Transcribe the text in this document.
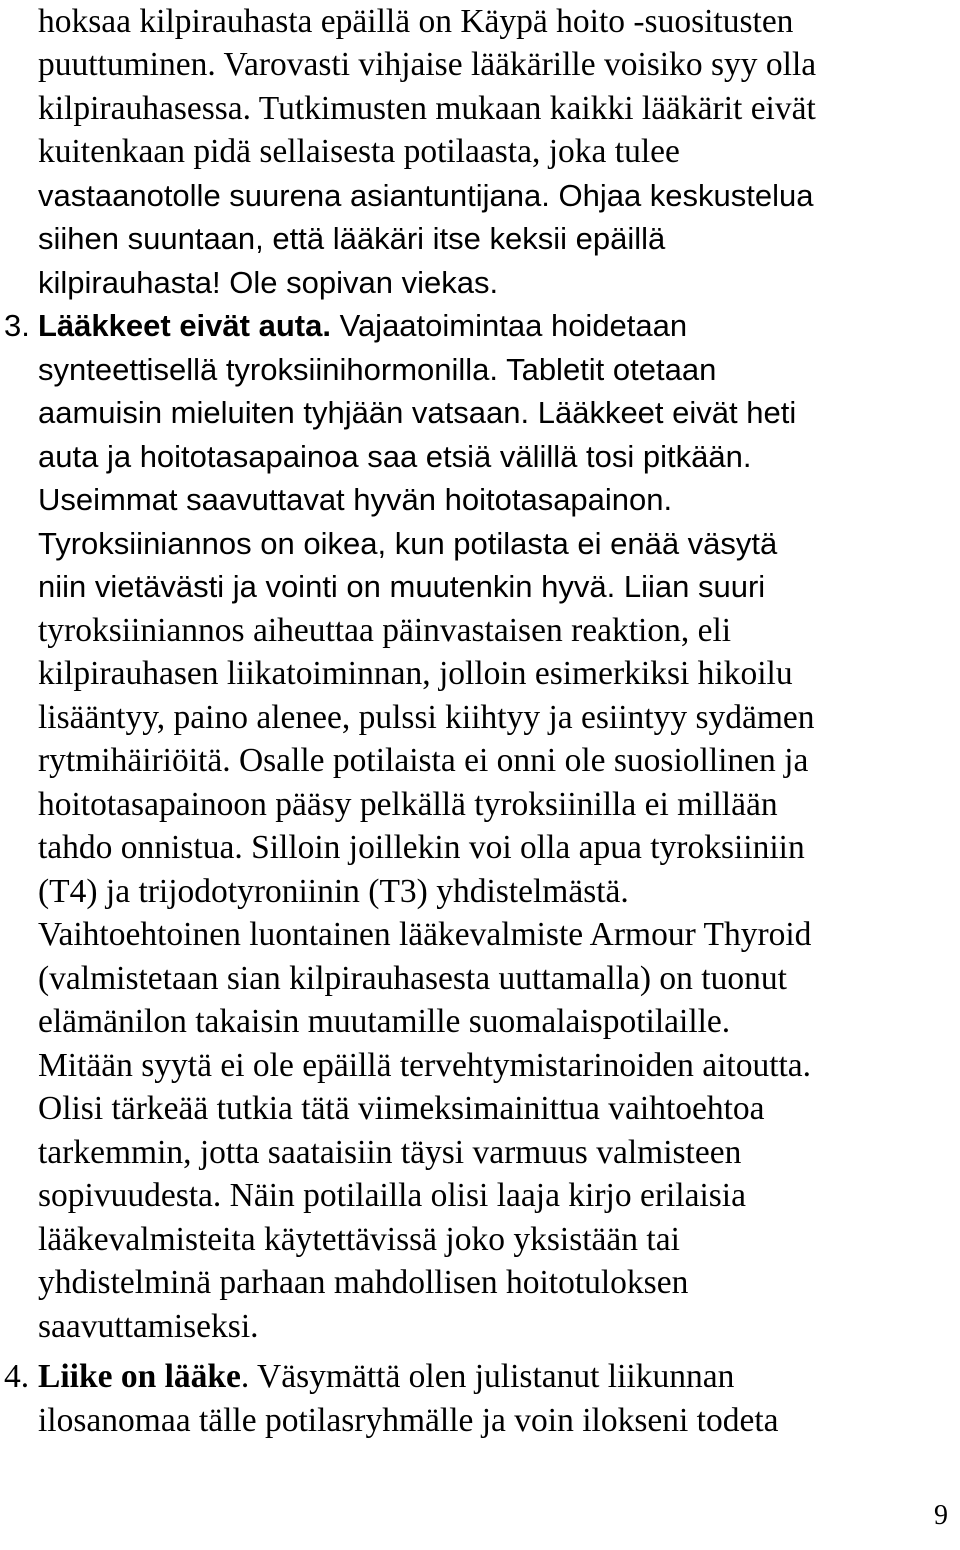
hoksaa kilpirauhasta epäillä on Käypä hoito -suositusten
puuttuminen. Varovasti vihjaise lääkärille voisiko syy olla
kilpirauhasessa. Tutkimusten mukaan kaikki lääkärit eivät
kuitenkaan pidä sellaisesta potilaasta, joka tulee
vastaanotolle suurena asiantuntijana. Ohjaa keskustelua
siihen suuntaan, että lääkäri itse keksii epäillä
kilpirauhasta! Ole sopivan viekas.
3. Lääkkeet eivät auta. Vajaatoimintaa hoidetaan
synteettisellä tyroksiinihormonilla. Tabletit otetaan
aamuisin mieluiten tyhjään vatsaan. Lääkkeet eivät heti
auta ja hoitotasapainoa saa etsiä välillä tosi pitkään.
Useimmat saavuttavat hyvän hoitotasapainon.
Tyroksiiniannos on oikea, kun potilasta ei enää väsytä
niin vietävästi ja vointi on muutenkin hyvä. Liian suuri
tyroksiiniannos aiheuttaa päinvastaisen reaktion, eli
kilpirauhasen liikatoiminnan, jolloin esimerkiksi hikoilu
lisääntyy, paino alenee, pulssi kiihtyy ja esiintyy sydämen
rytmihäiriöitä. Osalle potilaista ei onni ole suosiollinen ja
hoitotasapainoon pääsy pelkällä tyroksiinilla ei millään
tahdo onnistua. Silloin joillekin voi olla apua tyroksiiniin
(T4) ja trijodotyroniinin (T3) yhdistelmästä.
Vaihtoehtoinen luontainen lääkevalmiste Armour Thyroid
(valmistetaan sian kilpirauhasesta uuttamalla) on tuonut
elämänilon takaisin muutamille suomalaispotilaille.
Mitään syytä ei ole epäillä tervehtymistarinoiden aitoutta.
Olisi tärkeää tutkia tätä viimeksimainittua vaihtoehtoa
tarkemmin, jotta saataisiin täysi varmuus valmisteen
sopivuudesta. Näin potilailla olisi laaja kirjo erilaisia
lääkevalmisteita käytettävissä joko yksistään tai
yhdistelminä parhaan mahdollisen hoitotuloksen
saavuttamiseksi.
4. Liike on lääke. Väsymättä olen julistanut liikunnan
ilosanomaa tälle potilasryhmälle ja voin ilokseni todeta
9
